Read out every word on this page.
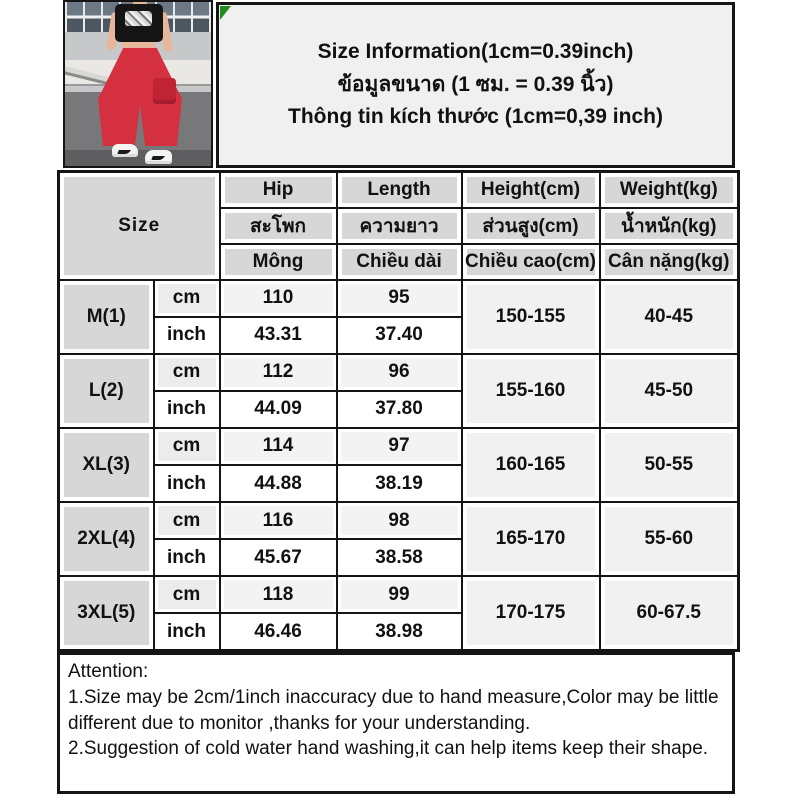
Size Information(1cm=0.39inch)
ข้อมูลขนาด (1 ซม. = 0.39 นิ้ว)
Thông tin kích thước (1cm=0,39 inch)
Size		Hip	Length	Height(cm)	Weight(kg)
		สะโพก	ความยาว	ส่วนสูง(cm)	น้ำหนัก(kg)
		Mông	Chiều dài	Chiều cao(cm)	Cân nặng(kg)
M(1)	cm	110	95	150-155	40-45
	inch	43.31	37.40		
L(2)	cm	112	96	155-160	45-50
	inch	44.09	37.80		
XL(3)	cm	114	97	160-165	50-55
	inch	44.88	38.19		
2XL(4)	cm	116	98	165-170	55-60
	inch	45.67	38.58		
3XL(5)	cm	118	99	170-175	60-67.5
	inch	46.46	38.98		
Attention:
1.Size may be 2cm/1inch inaccuracy due to hand measure,Color may be little different due to monitor ,thanks for your understanding.
2.Suggestion of cold water hand washing,it can help items keep their shape.
